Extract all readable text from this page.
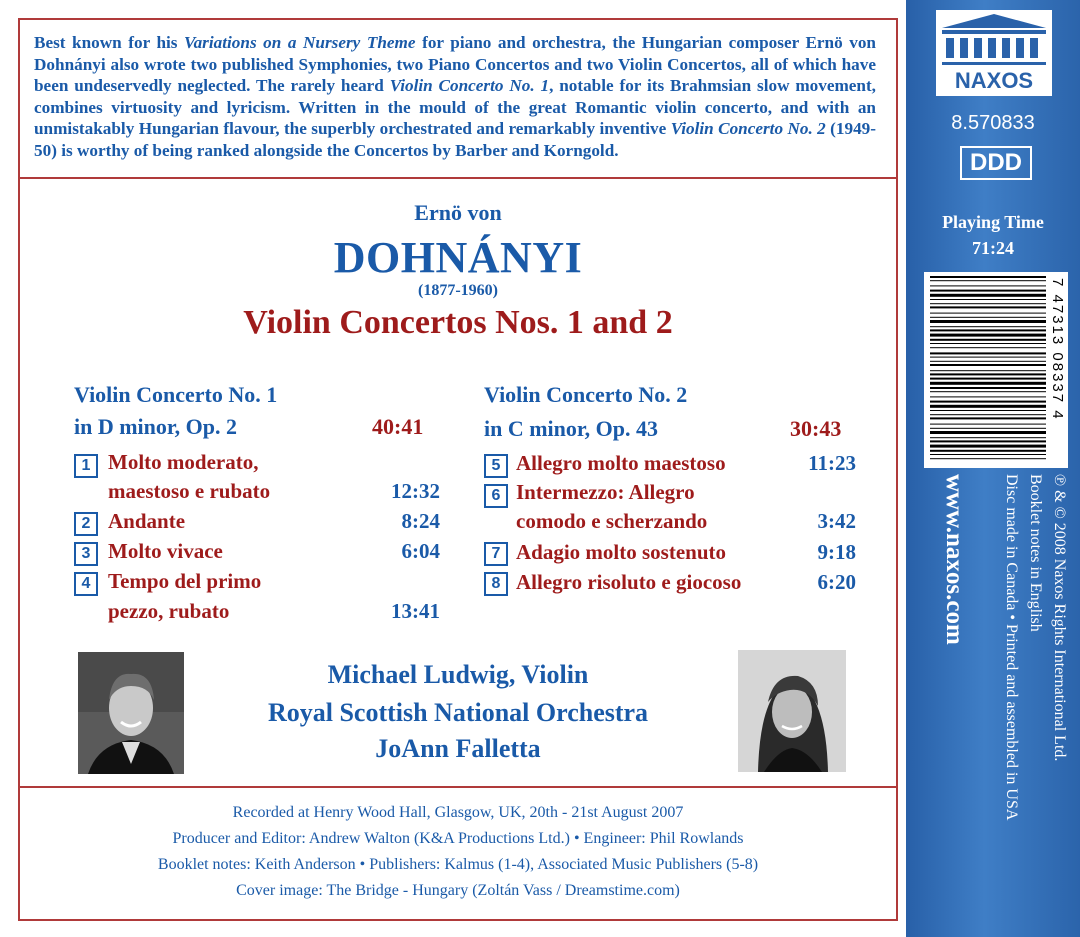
Best known for his Variations on a Nursery Theme for piano and orchestra, the Hungarian composer Ernö von Dohnányi also wrote two published Symphonies, two Piano Concertos and two Violin Concertos, all of which have been undeservedly neglected. The rarely heard Violin Concerto No. 1, notable for its Brahmsian slow movement, combines virtuosity and lyricism. Written in the mould of the great Romantic violin concerto, and with an unmistakably Hungarian flavour, the superbly orchestrated and remarkably inventive Violin Concerto No. 2 (1949-50) is worthy of being ranked alongside the Concertos by Barber and Korngold.
Ernö von
DOHNÁNYI
(1877-1960)
Violin Concertos Nos. 1 and 2
Violin Concerto No. 1
in D minor, Op. 2	40:41
1 Molto moderato,
maestoso e rubato	12:32
2 Andante	8:24
3 Molto vivace	6:04
4 Tempo del primo
pezzo, rubato	13:41
Violin Concerto No. 2
in C minor, Op. 43	30:43
5 Allegro molto maestoso	11:23
6 Intermezzo: Allegro
comodo e scherzando	3:42
7 Adagio molto sostenuto	9:18
8 Allegro risoluto e giocoso	6:20
Michael Ludwig, Violin
Royal Scottish National Orchestra
JoAnn Falletta
Recorded at Henry Wood Hall, Glasgow, UK, 20th - 21st August 2007
Producer and Editor: Andrew Walton (K&A Productions Ltd.) • Engineer: Phil Rowlands
Booklet notes: Keith Anderson • Publishers: Kalmus (1-4), Associated Music Publishers (5-8)
Cover image: The Bridge - Hungary (Zoltán Vass / Dreamstime.com)
NAXOS
8.570833
DDD
Playing Time
71:24
7 47313 08337 4
www.naxos.com	℗ & © 2008 Naxos Rights International Ltd.
Booklet notes in English
Disc made in Canada • Printed and assembled in USA
